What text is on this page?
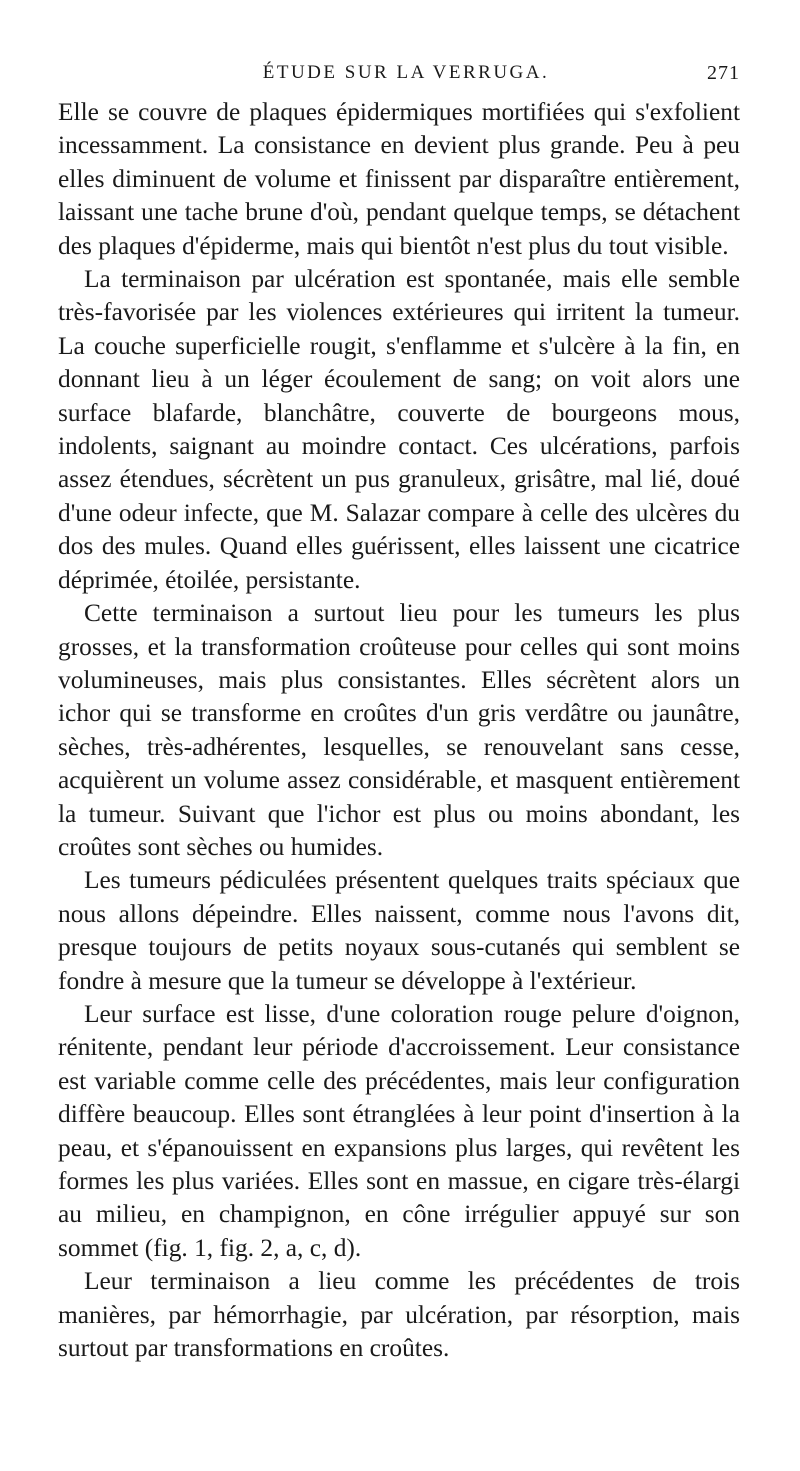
ÉTUDE SUR LA VERRUGA.	271

Elle se couvre de plaques épidermiques mortifiées qui s'exfolient incessamment. La consistance en devient plus grande. Peu à peu elles diminuent de volume et finissent par disparaître entièrement, laissant une tache brune d'où, pendant quelque temps, se détachent des plaques d'épiderme, mais qui bientôt n'est plus du tout visible.

La terminaison par ulcération est spontanée, mais elle semble très-favorisée par les violences extérieures qui irritent la tumeur. La couche superficielle rougit, s'enflamme et s'ulcère à la fin, en donnant lieu à un léger écoulement de sang; on voit alors une surface blafarde, blanchâtre, couverte de bourgeons mous, indolents, saignant au moindre contact. Ces ulcérations, parfois assez étendues, sécrètent un pus granuleux, grisâtre, mal lié, doué d'une odeur infecte, que M. Salazar compare à celle des ulcères du dos des mules. Quand elles guérissent, elles laissent une cicatrice déprimée, étoilée, persistante.

Cette terminaison a surtout lieu pour les tumeurs les plus grosses, et la transformation croûteuse pour celles qui sont moins volumineuses, mais plus consistantes. Elles sécrètent alors un ichor qui se transforme en croûtes d'un gris verdâtre ou jaunâtre, sèches, très-adhérentes, lesquelles, se renouvelant sans cesse, acquièrent un volume assez considérable, et masquent entièrement la tumeur. Suivant que l'ichor est plus ou moins abondant, les croûtes sont sèches ou humides.

Les tumeurs pédiculées présentent quelques traits spéciaux que nous allons dépeindre. Elles naissent, comme nous l'avons dit, presque toujours de petits noyaux sous-cutanés qui semblent se fondre à mesure que la tumeur se développe à l'extérieur.

Leur surface est lisse, d'une coloration rouge pelure d'oignon, rénitente, pendant leur période d'accroissement. Leur consistance est variable comme celle des précédentes, mais leur configuration diffère beaucoup. Elles sont étranglées à leur point d'insertion à la peau, et s'épanouissent en expansions plus larges, qui revêtent les formes les plus variées. Elles sont en massue, en cigare très-élargi au milieu, en champignon, en cône irrégulier appuyé sur son sommet (fig. 1, fig. 2, a, c, d).

Leur terminaison a lieu comme les précédentes de trois manières, par hémorrhagie, par ulcération, par résorption, mais surtout par transformations en croûtes.
